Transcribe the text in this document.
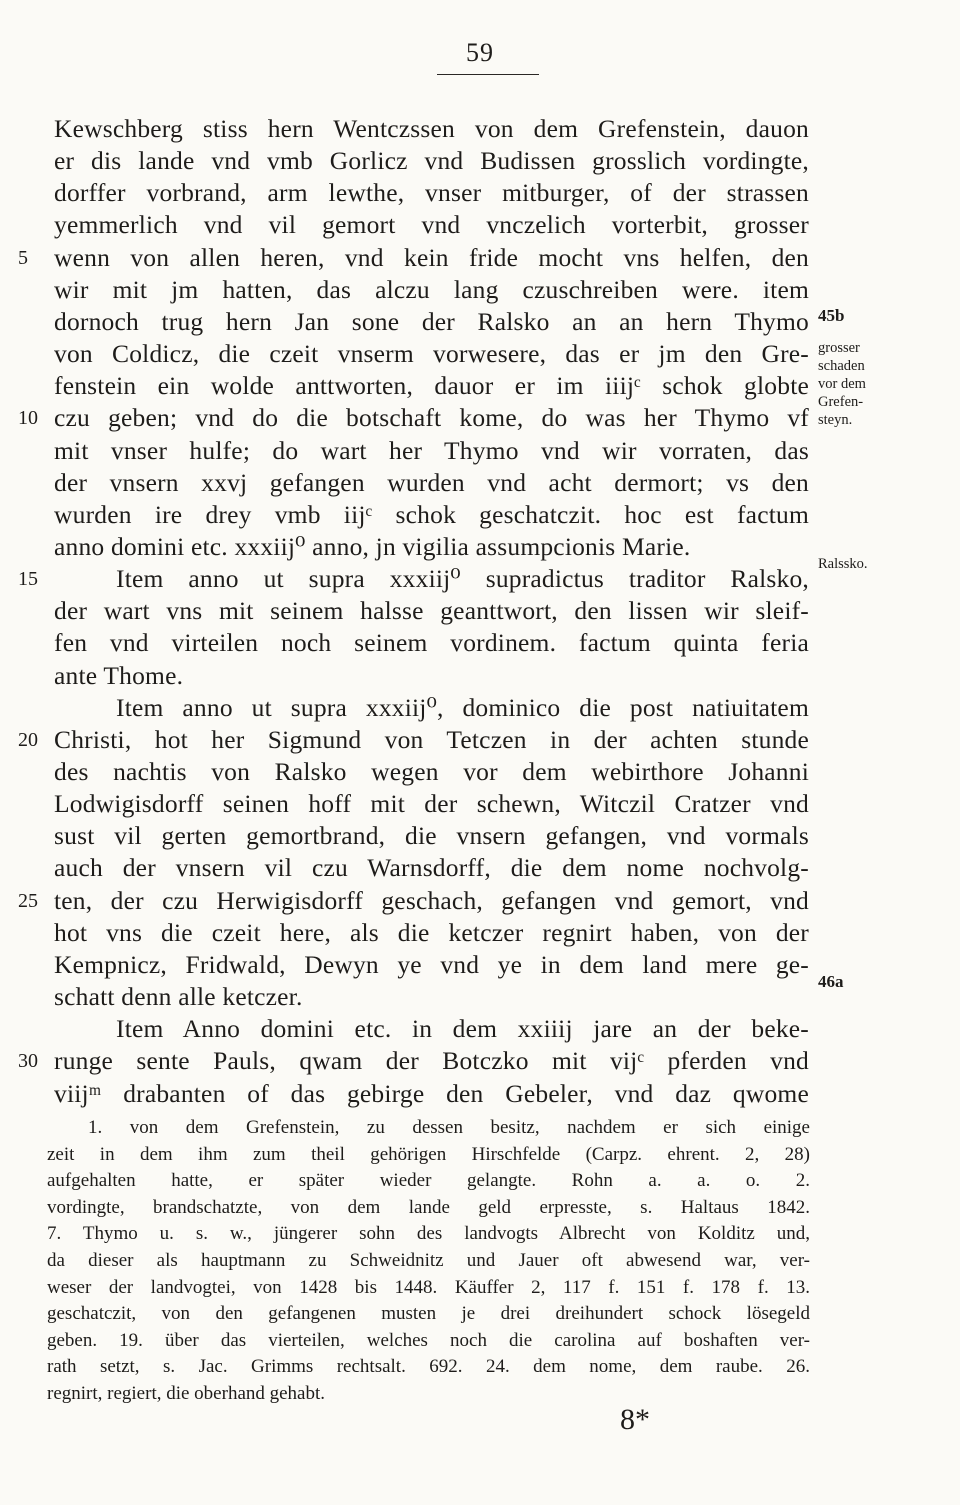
59
Kewschberg stiss hern Wentczssen von dem Grefenstein, dauon
er dis lande vnd vmb Gorlicz vnd Budissen grosslich vordingte,
dorffer vorbrand, arm lewthe, vnser mitburger, of der strassen
yemmerlich vnd vil gemort vnd vnczelich vorterbit, grosser
wenn von allen heren, vnd kein fride mocht vns helfen, den
5
wir mit jm hatten, das alczu lang czuschreiben were. item
dornoch trug hern Jan sone der Ralsko an an hern Thymo
von Coldicz, die czeit vnserm vorwesere, das er jm den Gre-
fenstein ein wolde anttworten, dauor er im iiijᶜ schok globte
czu geben; vnd do die botschaft kome, do was her Thymo vf
10
mit vnser hulfe; do wart her Thymo vnd wir vorraten, das
der vnsern xxvj gefangen wurden vnd acht dermort; vs den
wurden ire drey vmb iijᶜ schok geschatczit. hoc est factum
anno domini etc. xxxiij⁰ anno, jn vigilia assumpcionis Marie.
Item anno ut supra xxxiij⁰ supradictus traditor Ralsko,
15
der wart vns mit seinem halsse geanttwort, den lissen wir sleif-
fen vnd virteilen noch seinem vordinem. factum quinta feria
ante Thome.
Item anno ut supra xxxiij⁰, dominico die post natiuitatem
Christi, hot her Sigmund von Tetczen in der achten stunde
20
des nachtis von Ralsko wegen vor dem webirthore Johanni
Lodwigisdorff seinen hoff mit der schewn, Witczil Cratzer vnd
sust vil gerten gemortbrand, die vnsern gefangen, vnd vormals
auch der vnsern vil czu Warnsdorff, die dem nome nochvolg-
ten, der czu Herwigisdorff geschach, gefangen vnd gemort, vnd
25
hot vns die czeit here, als die ketczer regnirt haben, von der
Kempnicz, Fridwald, Dewyn ye vnd ye in dem land mere ge-
schatt denn alle ketczer.
Item Anno domini etc. in dem xxiiij jare an der beke-
runge sente Pauls, qwam der Botczko mit vijᶜ pferden vnd
30
viijᵐ drabanten of das gebirge den Gebeler, vnd daz qwome
45b
grosser
schaden
vor dem
Grefen-
steyn.
Ralssko.
46a
1. von dem Grefenstein, zu dessen besitz, nachdem er sich einige
zeit in dem ihm zum theil gehörigen Hirschfelde (Carpz. ehrent. 2, 28)
aufgehalten hatte, er später wieder gelangte. Rohn a. a. o. 2.
vordingte, brandschatzte, von dem lande geld erpresste, s. Haltaus 1842.
7. Thymo u. s. w., jüngerer sohn des landvogts Albrecht von Kolditz und,
da dieser als hauptmann zu Schweidnitz und Jauer oft abwesend war, ver-
weser der landvogtei, von 1428 bis 1448. Käuffer 2, 117 f. 151 f. 178 f. 13.
geschatczit, von den gefangenen musten je drei dreihundert schock lösegeld
geben. 19. über das vierteilen, welches noch die carolina auf boshaften ver-
rath setzt, s. Jac. Grimms rechtsalt. 692. 24. dem nome, dem raube. 26.
regnirt, regiert, die oberhand gehabt.
8*
